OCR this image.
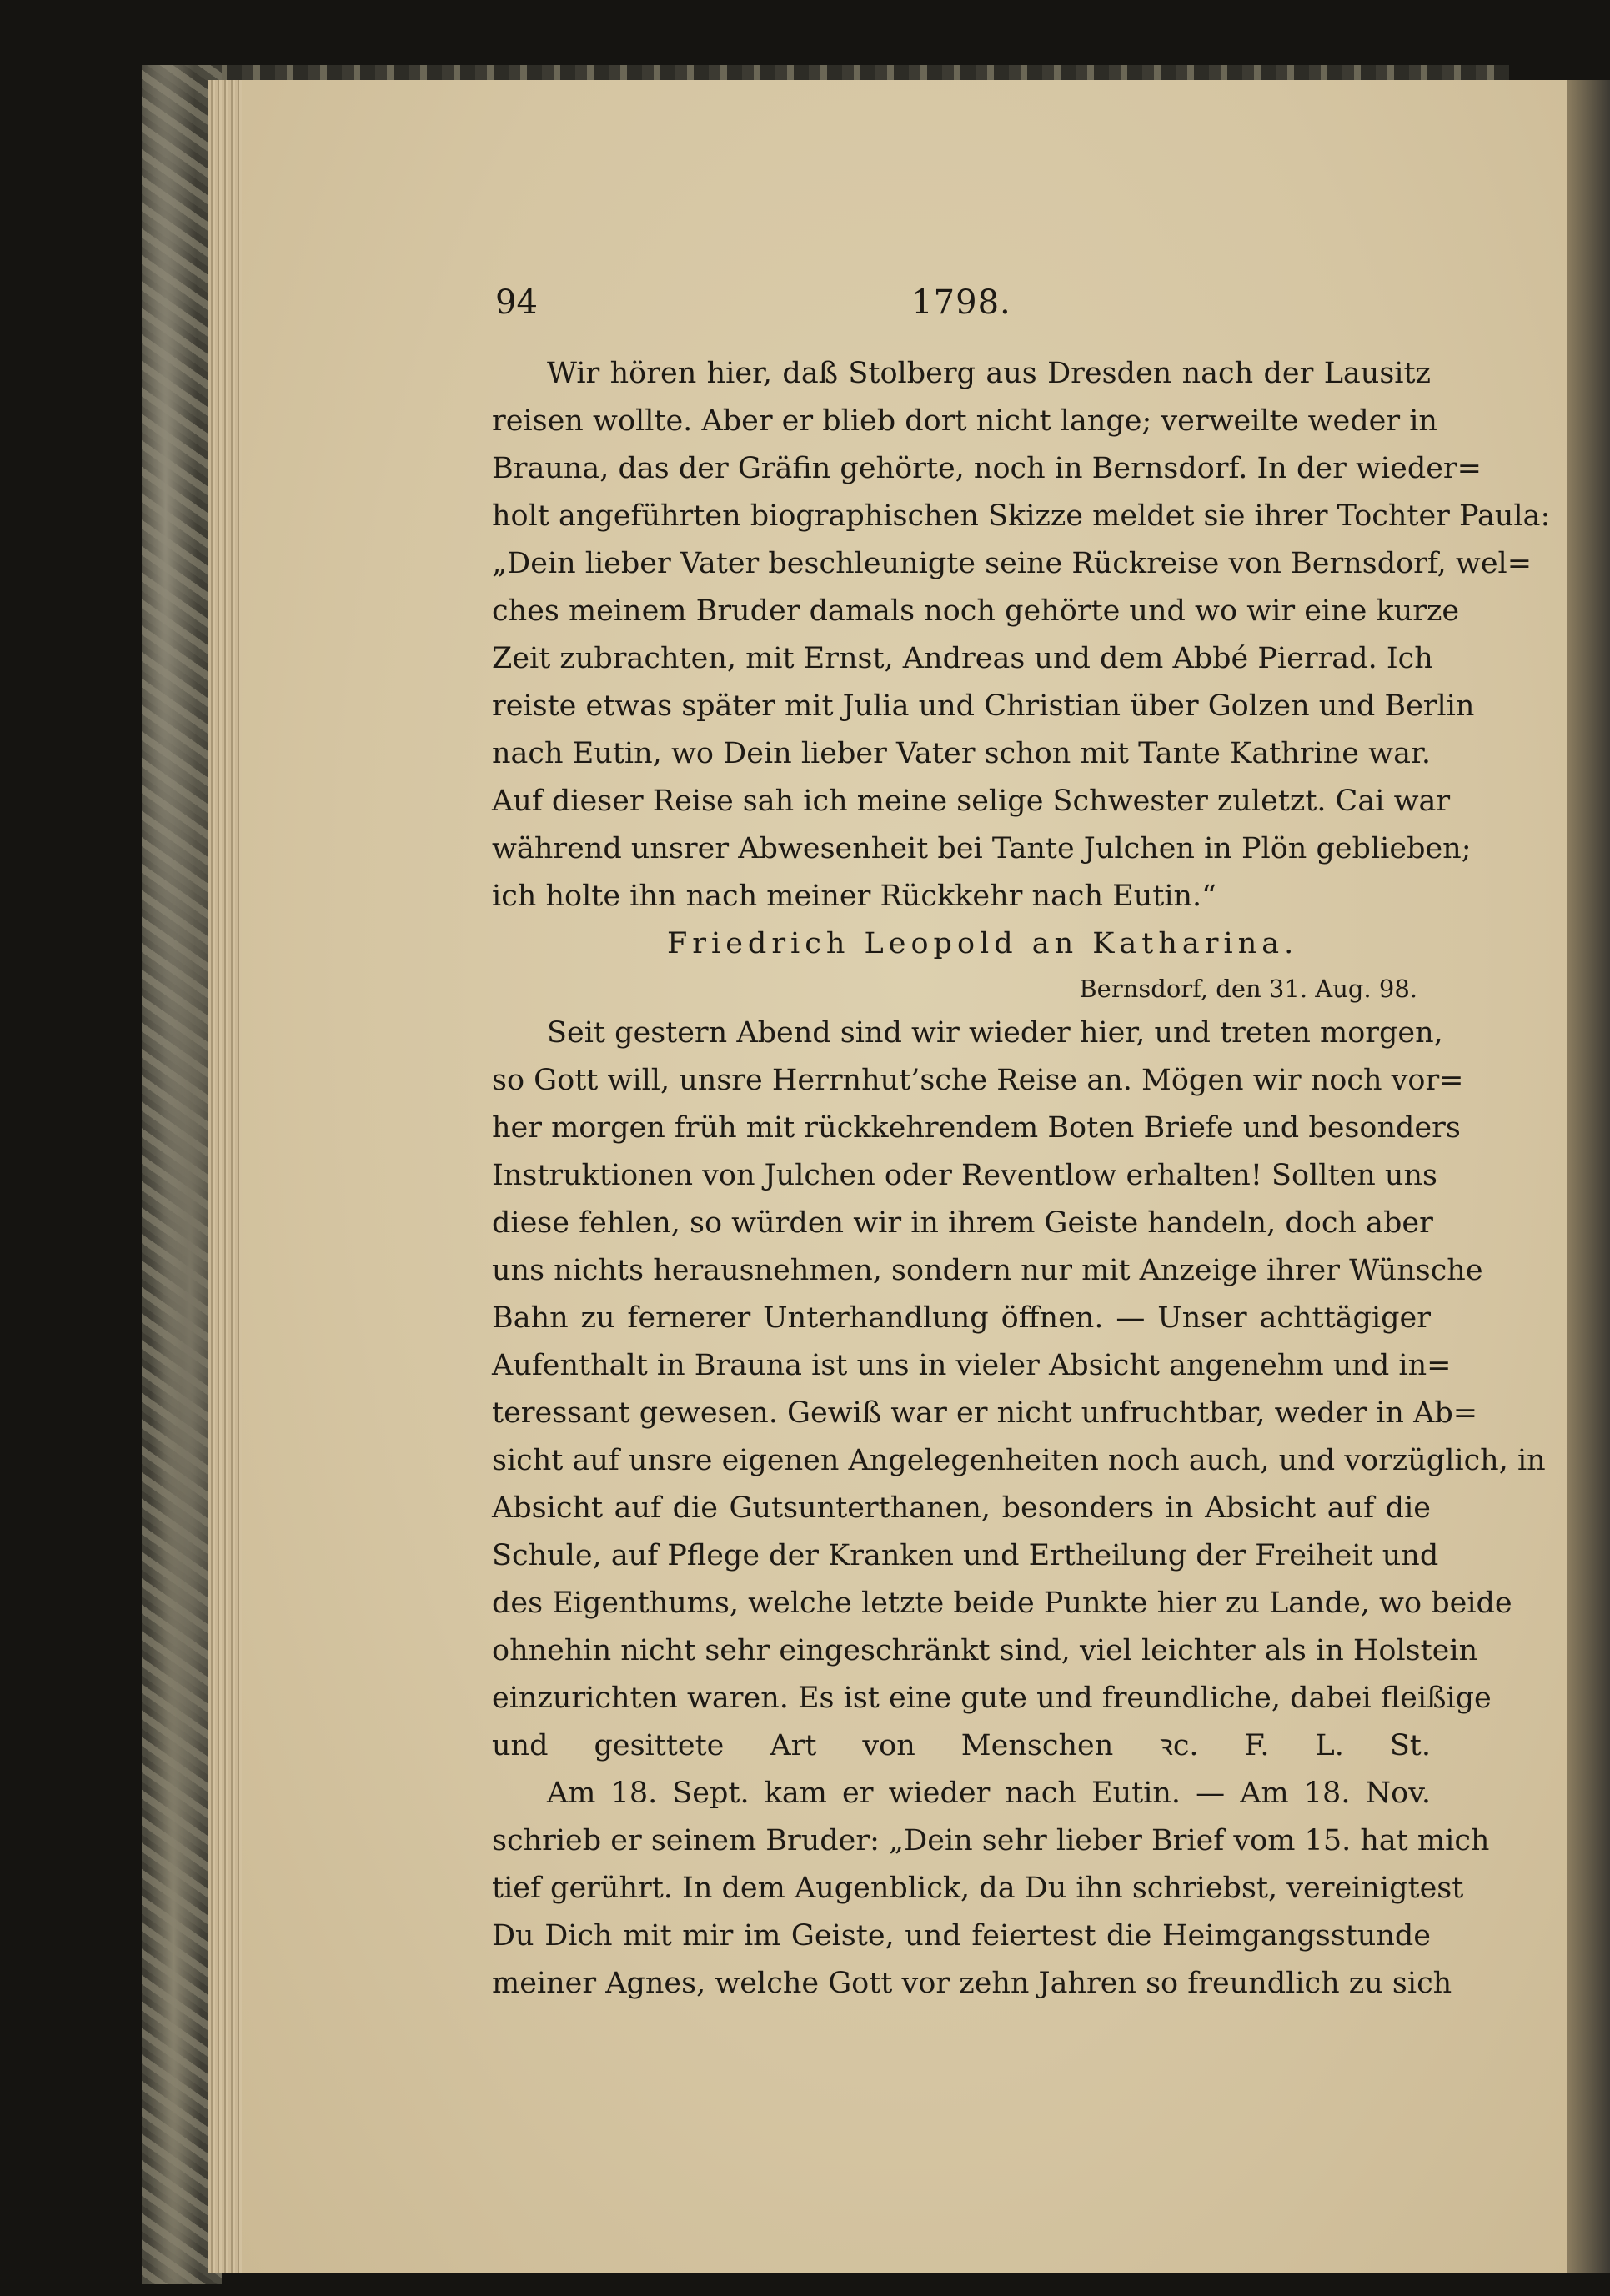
94	1798.
Wir hören hier, daß Stolberg aus Dresden nach der Lausitz
reisen wollte. Aber er blieb dort nicht lange; verweilte weder in
Brauna, das der Gräfin gehörte, noch in Bernsdorf. In der wieder=
holt angeführten biographischen Skizze meldet sie ihrer Tochter Paula:
„Dein lieber Vater beschleunigte seine Rückreise von Bernsdorf, wel=
ches meinem Bruder damals noch gehörte und wo wir eine kurze
Zeit zubrachten, mit Ernst, Andreas und dem Abbé Pierrad. Ich
reiste etwas später mit Julia und Christian über Golzen und Berlin
nach Eutin, wo Dein lieber Vater schon mit Tante Kathrine war.
Auf dieser Reise sah ich meine selige Schwester zuletzt. Cai war
während unsrer Abwesenheit bei Tante Julchen in Plön geblieben;
ich holte ihn nach meiner Rückkehr nach Eutin.“
Friedrich Leopold an Katharina.
Bernsdorf, den 31. Aug. 98.
Seit gestern Abend sind wir wieder hier, und treten morgen,
so Gott will, unsre Herrnhut’sche Reise an. Mögen wir noch vor=
her morgen früh mit rückkehrendem Boten Briefe und besonders
Instruktionen von Julchen oder Reventlow erhalten! Sollten uns
diese fehlen, so würden wir in ihrem Geiste handeln, doch aber
uns nichts herausnehmen, sondern nur mit Anzeige ihrer Wünsche
Bahn zu fernerer Unterhandlung öffnen. — Unser achttägiger
Aufenthalt in Brauna ist uns in vieler Absicht angenehm und in=
teressant gewesen. Gewiß war er nicht unfruchtbar, weder in Ab=
sicht auf unsre eigenen Angelegenheiten noch auch, und vorzüglich, in
Absicht auf die Gutsunterthanen, besonders in Absicht auf die
Schule, auf Pflege der Kranken und Ertheilung der Freiheit und
des Eigenthums, welche letzte beide Punkte hier zu Lande, wo beide
ohnehin nicht sehr eingeschränkt sind, viel leichter als in Holstein
einzurichten waren. Es ist eine gute und freundliche, dabei fleißige
und gesittete Art von Menschen ꝛc. F. L. St.
Am 18. Sept. kam er wieder nach Eutin. — Am 18. Nov.
schrieb er seinem Bruder: „Dein sehr lieber Brief vom 15. hat mich
tief gerührt. In dem Augenblick, da Du ihn schriebst, vereinigtest
Du Dich mit mir im Geiste, und feiertest die Heimgangsstunde
meiner Agnes, welche Gott vor zehn Jahren so freundlich zu sich
